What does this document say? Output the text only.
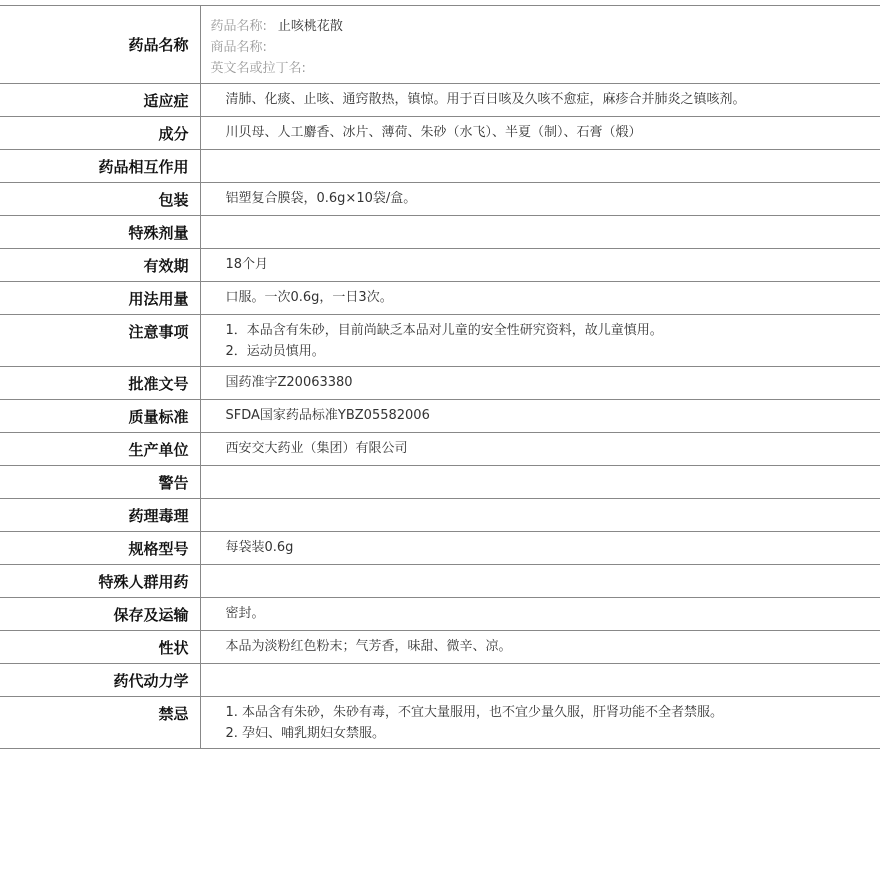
药品名称	药品名称: 止咳桃花散
商品名称:
英文名或拉丁名:

适应症	清肺、化痰、止咳、通窍散热，镇惊。用于百日咳及久咳不愈症，麻疹合并肺炎之镇咳剂。
成分	川贝母、人工麝香、冰片、薄荷、朱砂（水飞）、半夏（制）、石膏（煅）
药品相互作用	
包装	铝塑复合膜袋，0.6g×10袋/盒。
特殊剂量	
有效期	18个月
用法用量	口服。一次0.6g，一日3次。
注意事项	1．本品含有朱砂，目前尚缺乏本品对儿童的安全性研究资料，故儿童慎用。
2．运动员慎用。

批准文号	国药准字Z20063380
质量标准	SFDA国家药品标准YBZ05582006
生产单位	西安交大药业（集团）有限公司
警告	
药理毒理	
规格型号	每袋装0.6g
特殊人群用药	
保存及运输	密封。
性状	本品为淡粉红色粉末；气芳香，味甜、微辛、凉。
药代动力学	
禁忌	1. 本品含有朱砂，朱砂有毒，不宜大量服用，也不宜少量久服，肝肾功能不全者禁服。
2. 孕妇、哺乳期妇女禁服。
